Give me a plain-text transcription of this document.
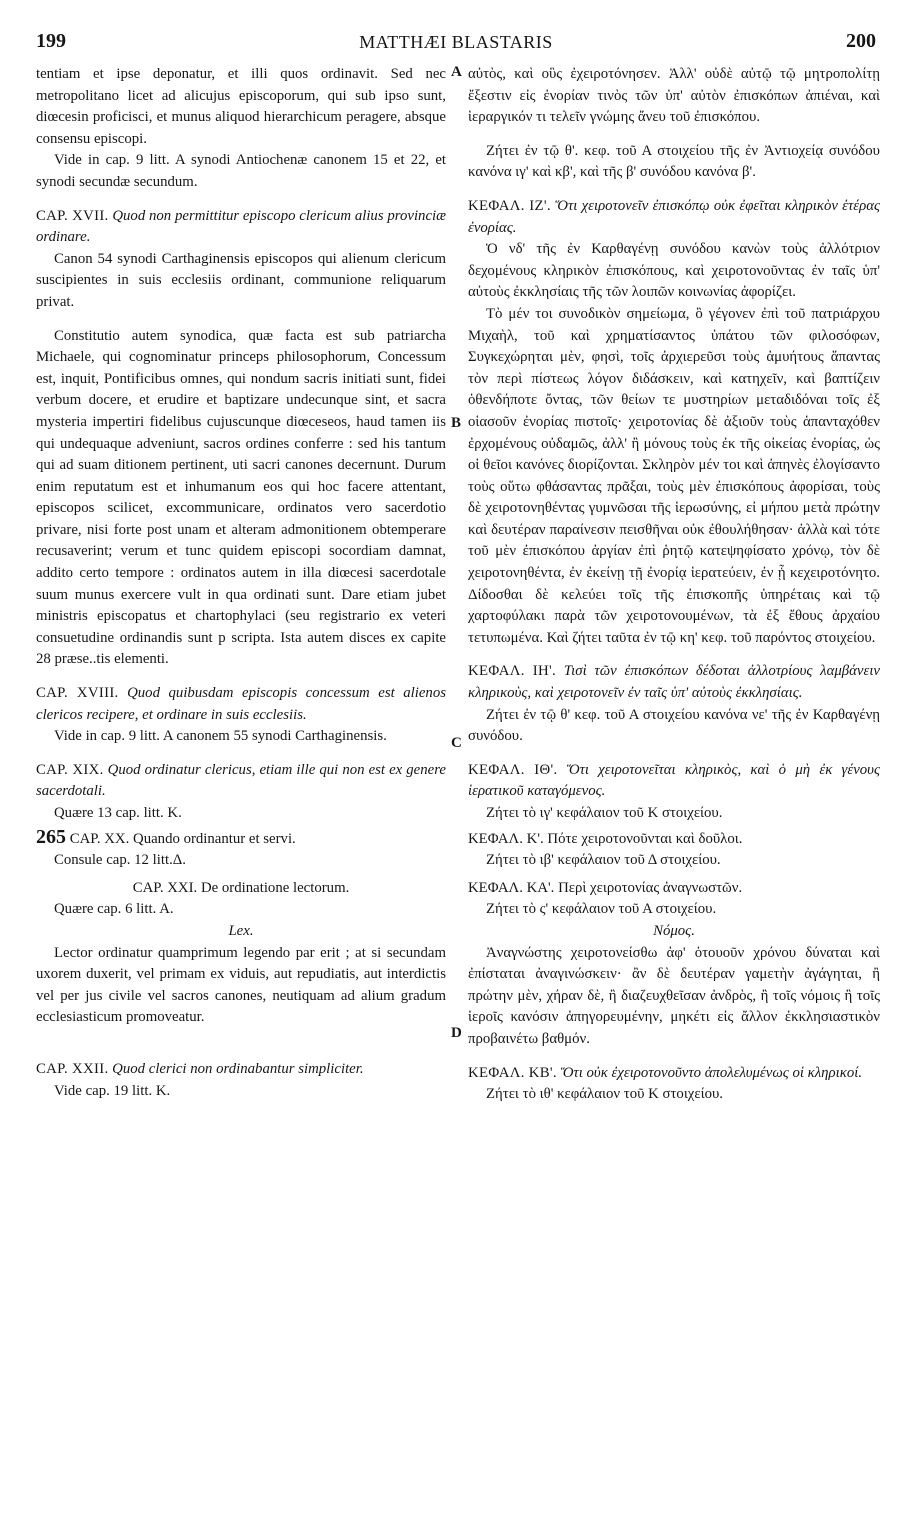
199	MATTHÆI BLASTARIS	200
A
B
C
D

tentiam et ipse deponatur, et illi quos ordinavit. Sed nec metropolitano licet ad alicujus episcoporum, qui sub ipso sunt, diœcesin proficisci, et munus aliquod hierarchicum peragere, absque consensu episcopi.

Vide in cap. 9 litt. A synodi Antiochenæ canonem 15 et 22, et synodi secundæ secundum.

CAP. XVII. Quod non permittitur episcopo clericum alius provinciæ ordinare.

Canon 54 synodi Carthaginensis episcopos qui alienum clericum suscipientes in suis ecclesiis ordinant, communione reliquarum privat.

Constitutio autem synodica, quæ facta est sub patriarcha Michaele, qui cognominatur princeps philosophorum, Concessum est, inquit, Pontificibus omnes, qui nondum sacris initiati sunt, fidei verbum docere, et erudire et baptizare undecunque sint, et sacra mysteria impertiri fidelibus cujuscunque diœceseos, haud tamen iis qui undequaque adveniunt, sacros ordines conferre : sed his tantum qui ad suam ditionem pertinent, uti sacri canones decernunt. Durum enim reputatum est et inhumanum eos qui hoc facere attentant, episcopos scilicet, excommunicare, ordinatos vero sacerdotio privare, nisi forte post unam et alteram admonitionem obtemperare recusaverint; verum et tunc quidem episcopi socordiam damnat, addito certo tempore : ordinatos autem in illa diœcesi sacerdotale suum munus exercere vult in qua ordinati sunt. Dare etiam jubet ministris episcopatus et chartophylaci (seu registrario ex veteri consuetudine ordinandis sunt p scripta. Ista autem disces ex capite 28 præse..tis elementi.

CAP. XVIII. Quod quibusdam episcopis concessum est alienos clericos recipere, et ordinare in suis ecclesiis.

Vide in cap. 9 litt. A canonem 55 synodi Carthaginensis.

CAP. XIX. Quod ordinatur clericus, etiam ille qui non est ex genere sacerdotali.

Quære 13 cap. litt. K.

265 CAP. XX. Quando ordinantur et servi.

Consule cap. 12 litt.Δ.

CAP. XXI. De ordinatione lectorum.

Quære cap. 6 litt. A.

Lex.

Lector ordinatur quamprimum legendo par erit ; at si secundam uxorem duxerit, vel primam ex viduis, aut repudiatis, aut interdictis vel per jus civile vel sacros canones, neutiquam ad alium gradum ecclesiasticum promoveatur.

CAP. XXII. Quod clerici non ordinabantur simpliciter.

Vide cap. 19 litt. K.

αὐτὸς, καὶ οὓς ἐχειροτόνησεν. Ἀλλ' οὐδὲ αὐτῷ τῷ μητροπολίτῃ ἔξεστιν εἰς ἐνορίαν τινὸς τῶν ὑπ' αὐτὸν ἐπισκόπων ἀπιέναι, καὶ ἱεραργικόν τι τελεῖν γνώμης ἄνευ τοῦ ἐπισκόπου.

Ζήτει ἐν τῷ θ'. κεφ. τοῦ Α στοιχείου τῆς ἐν Ἀντιοχείᾳ συνόδου κανόνα ιγ' καὶ κβ', καὶ τῆς β' συνόδου κανόνα β'.

ΚΕΦΑΛ. ΙΖ'. Ὅτι χειροτονεῖν ἐπισκόπῳ οὐκ ἐφεῖται κληρικὸν ἑτέρας ἐνορίας.

Ὁ νδ' τῆς ἐν Καρθαγένῃ συνόδου κανὼν τοὺς ἀλλότριον δεχομένους κληρικὸν ἐπισκόπους, καὶ χειροτονοῦντας ἐν ταῖς ὑπ' αὐτοὺς ἐκκλησίαις τῆς τῶν λοιπῶν κοινωνίας ἀφορίζει.

Τὸ μέν τοι συνοδικὸν σημείωμα, ὃ γέγονεν ἐπὶ τοῦ πατριάρχου Μιχαὴλ, τοῦ καὶ χρηματίσαντος ὑπάτου τῶν φιλοσόφων, Συγκεχώρηται μὲν, φησὶ, τοῖς ἀρχιερεῦσι τοὺς ἀμυήτους ἅπαντας τὸν περὶ πίστεως λόγον διδάσκειν, καὶ κατηχεῖν, καὶ βαπτίζειν ὁθενδήποτε ὄντας, τῶν θείων τε μυστηρίων μεταδιδόναι τοῖς ἐξ οἱασοῦν ἐνορίας πιστοῖς· χειροτονίας δὲ ἀξιοῦν τοὺς ἁπανταχόθεν ἐρχομένους οὐδαμῶς, ἀλλ' ἢ μόνους τοὺς ἐκ τῆς οἰκείας ἐνορίας, ὡς οἱ θεῖοι κανόνες διορίζονται. Σκληρὸν μέν τοι καὶ ἀπηνὲς ἐλογίσαντο τοὺς οὕτω φθάσαντας πρᾶξαι, τοὺς μὲν ἐπισκόπους ἀφορίσαι, τοὺς δὲ χειροτονηθέντας γυμνῶσαι τῆς ἱερωσύνης, εἰ μήπου μετὰ πρώτην καὶ δευτέραν παραίνεσιν πεισθῆναι οὐκ ἐθουλήθησαν· ἀλλὰ καὶ τότε τοῦ μὲν ἐπισκόπου ἀργίαν ἐπὶ ῥητῷ κατεψηφίσατο χρόνῳ, τὸν δὲ χειροτονηθέντα, ἐν ἐκείνῃ τῇ ἐνορίᾳ ἱερατεύειν, ἐν ᾗ κεχειροτόνητο. Δίδοσθαι δὲ κελεύει τοῖς τῆς ἐπισκοπῆς ὑπηρέταις καὶ τῷ χαρτοφύλακι παρὰ τῶν χειροτονουμένων, τὰ ἐξ ἔθους ἀρχαίου τετυπωμένα. Καὶ ζήτει ταῦτα ἐν τῷ κη' κεφ. τοῦ παρόντος στοιχείου.

ΚΕΦΑΛ. ΙΗ'. Τισὶ τῶν ἐπισκόπων δέδοται ἀλλοτρίους λαμβάνειν κληρικοὺς, καὶ χειροτονεῖν ἐν ταῖς ὑπ' αὐτοὺς ἐκκλησίαις.

Ζήτει ἐν τῷ θ' κεφ. τοῦ Α στοιχείου κανόνα νε' τῆς ἐν Καρθαγένῃ συνόδου.

ΚΕΦΑΛ. ΙΘ'. Ὅτι χειροτονεῖται κληρικὸς, καὶ ὁ μὴ ἐκ γένους ἱερατικοῦ καταγόμενος.

Ζήτει τὸ ιγ' κεφάλαιον τοῦ Κ στοιχείου.

ΚΕΦΑΛ. Κ'. Πότε χειροτονοῦνται καὶ δοῦλοι.

Ζήτει τὸ ιβ' κεφάλαιον τοῦ Δ στοιχείου.

ΚΕΦΑΛ. ΚΑ'. Περὶ χειροτονίας ἀναγνωστῶν.

Ζήτει τὸ ς' κεφάλαιον τοῦ Α στοιχείου.

Νόμος.

Ἀναγνώστης χειροτονείσθω ἀφ' ὁτουοῦν χρόνου δύναται καὶ ἐπίσταται ἀναγινώσκειν· ἂν δὲ δευτέραν γαμετὴν ἀγάγηται, ἢ πρώτην μὲν, χήραν δὲ, ἢ διαζευχθεῖσαν ἀνδρὸς, ἢ τοῖς νόμοις ἢ τοῖς ἱεροῖς κανόσιν ἀπηγορευμένην, μηκέτι εἰς ἄλλον ἐκκλησιαστικὸν προβαινέτω βαθμόν.

ΚΕΦΑΛ. ΚΒ'. Ὅτι οὐκ ἐχειροτονοῦντο ἀπολελυμένως οἱ κληρικοί.

Ζήτει τὸ ιθ' κεφάλαιον τοῦ Κ στοιχείου.
